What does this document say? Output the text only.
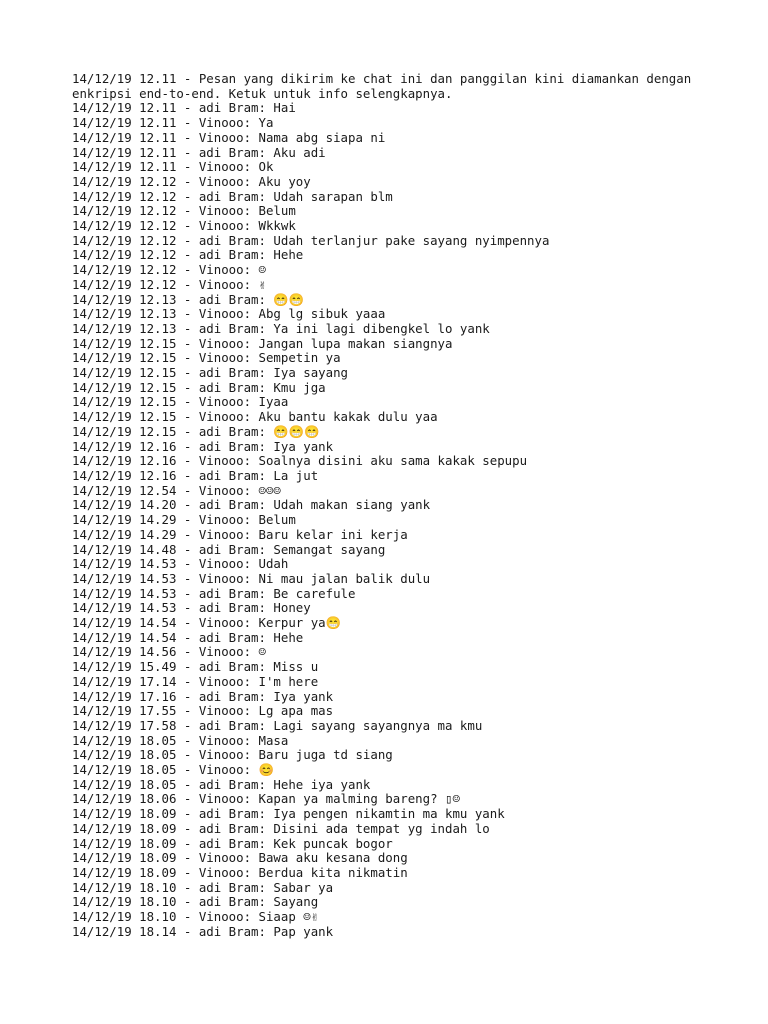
14/12/19 12.11 - Pesan yang dikirim ke chat ini dan panggilan kini diamankan dengan enkripsi end-to-end. Ketuk untuk info selengkapnya.
14/12/19 12.11 - adi Bram: Hai
14/12/19 12.11 - Vinooo: Ya
14/12/19 12.11 - Vinooo: Nama abg siapa ni
14/12/19 12.11 - adi Bram: Aku adi
14/12/19 12.11 - Vinooo: Ok
14/12/19 12.12 - Vinooo: Aku yoy
14/12/19 12.12 - adi Bram: Udah sarapan blm
14/12/19 12.12 - Vinooo: Belum
14/12/19 12.12 - Vinooo: Wkkwk
14/12/19 12.12 - adi Bram: Udah terlanjur pake sayang nyimpennya
14/12/19 12.12 - adi Bram: Hehe
14/12/19 12.12 - Vinooo: ☺
14/12/19 12.12 - Vinooo: ✌
14/12/19 12.13 - adi Bram: 😁😁
14/12/19 12.13 - Vinooo: Abg lg sibuk yaaa
14/12/19 12.13 - adi Bram: Ya ini lagi dibengkel lo yank
14/12/19 12.15 - Vinooo: Jangan lupa makan siangnya
14/12/19 12.15 - Vinooo: Sempetin ya
14/12/19 12.15 - adi Bram: Iya sayang
14/12/19 12.15 - adi Bram: Kmu jga
14/12/19 12.15 - Vinooo: Iyaa
14/12/19 12.15 - Vinooo: Aku bantu kakak dulu yaa
14/12/19 12.15 - adi Bram: 😁😁😁
14/12/19 12.16 - adi Bram: Iya yank
14/12/19 12.16 - Vinooo: Soalnya disini aku sama kakak sepupu
14/12/19 12.16 - adi Bram: La jut
14/12/19 12.54 - Vinooo: ☺☺☺
14/12/19 14.20 - adi Bram: Udah makan siang yank
14/12/19 14.29 - Vinooo: Belum
14/12/19 14.29 - Vinooo: Baru kelar ini kerja
14/12/19 14.48 - adi Bram: Semangat sayang
14/12/19 14.53 - Vinooo: Udah
14/12/19 14.53 - Vinooo: Ni mau jalan balik dulu
14/12/19 14.53 - adi Bram: Be carefule
14/12/19 14.53 - adi Bram: Honey
14/12/19 14.54 - Vinooo: Kerpur ya😁
14/12/19 14.54 - adi Bram: Hehe
14/12/19 14.56 - Vinooo: ☺
14/12/19 15.49 - adi Bram: Miss u
14/12/19 17.14 - Vinooo: I'm here
14/12/19 17.16 - adi Bram: Iya yank
14/12/19 17.55 - Vinooo: Lg apa mas
14/12/19 17.58 - adi Bram: Lagi sayang sayangnya ma kmu
14/12/19 18.05 - Vinooo: Masa
14/12/19 18.05 - Vinooo: Baru juga td siang
14/12/19 18.05 - Vinooo: 😊
14/12/19 18.05 - adi Bram: Hehe iya yank
14/12/19 18.06 - Vinooo: Kapan ya malming bareng? ▯☺
14/12/19 18.09 - adi Bram: Iya pengen nikamtin ma kmu yank
14/12/19 18.09 - adi Bram: Disini ada tempat yg indah lo
14/12/19 18.09 - adi Bram: Kek puncak bogor
14/12/19 18.09 - Vinooo: Bawa aku kesana dong
14/12/19 18.09 - Vinooo: Berdua kita nikmatin
14/12/19 18.10 - adi Bram: Sabar ya
14/12/19 18.10 - adi Bram: Sayang
14/12/19 18.10 - Vinooo: Siaap ☺✌
14/12/19 18.14 - adi Bram: Pap yank
